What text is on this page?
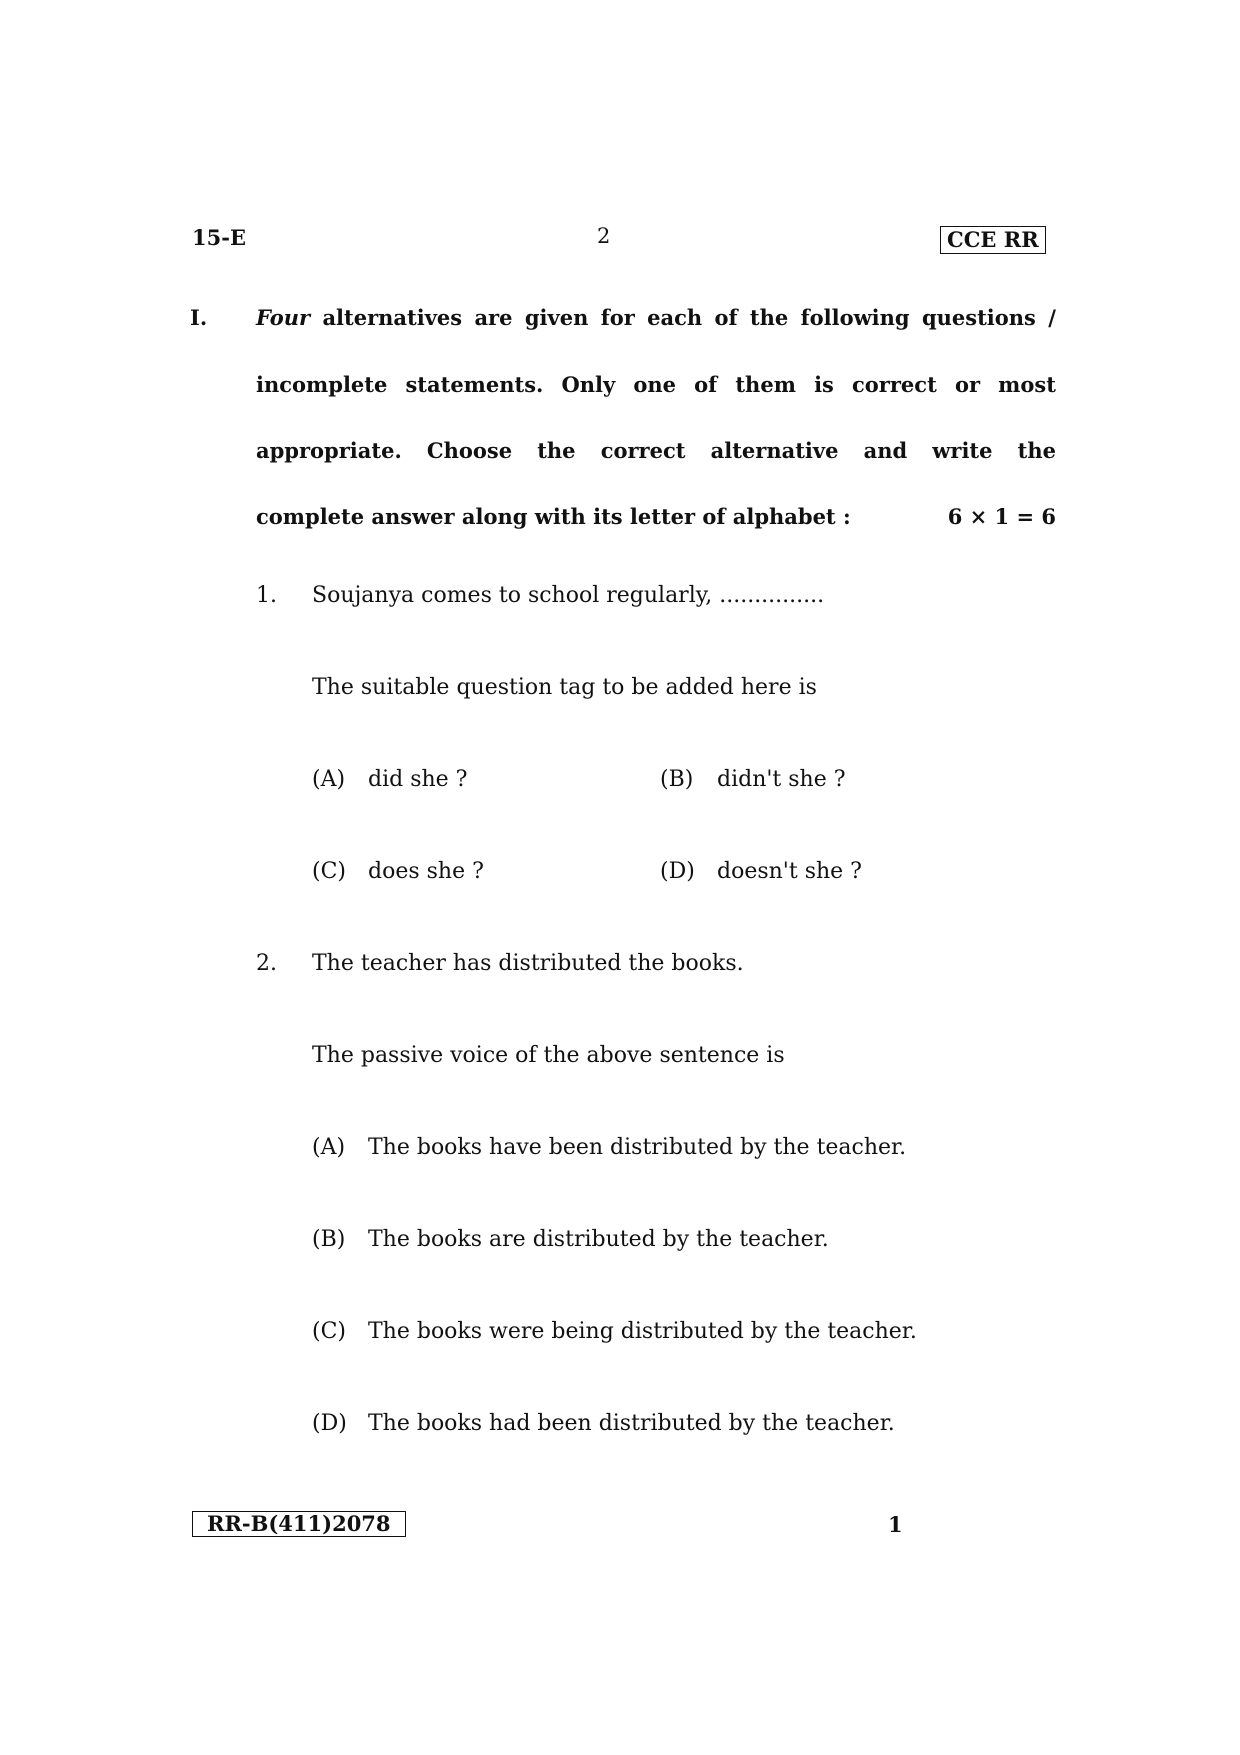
15-E	2	CCE RR
I. Four alternatives are given for each of the following questions /
incomplete statements. Only one of them is correct or most
appropriate. Choose the correct alternative and write the
complete answer along with its letter of alphabet :	6 × 1 = 6
1. Soujanya comes to school regularly, ...............
The suitable question tag to be added here is
(A) did she ?	(B) didn't she ?
(C) does she ?	(D) doesn't she ?
2. The teacher has distributed the books.
The passive voice of the above sentence is
(A) The books have been distributed by the teacher.
(B) The books are distributed by the teacher.
(C) The books were being distributed by the teacher.
(D) The books had been distributed by the teacher.
RR-B(411)2078	1
